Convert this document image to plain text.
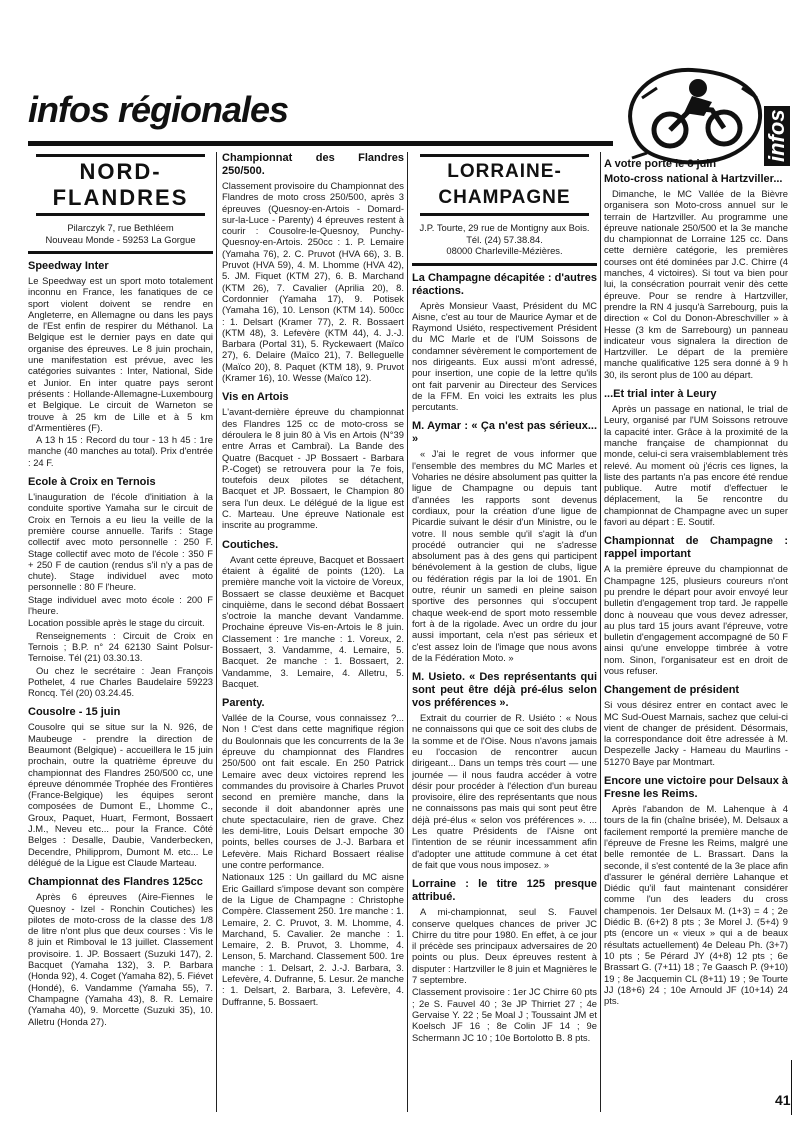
infos régionales	infos
NORD-FLANDRES
Pilarczyk 7, rue Bethléem
Nouveau Monde - 59253 La Gorgue
Speedway Inter

Le Speedway est un sport moto totalement inconnu en France, les fanatiques de ce sport violent doivent se rendre en Angleterre, en Allemagne ou dans les pays de l'Est enfin de respirer du Méthanol. La Belgique est le dernier pays en date qui organise des épreuves. Le 8 juin prochain, une manifestation est prévue, avec les catégories suivantes : Inter, National, Side et Junior. En inter quatre pays seront présents : Hollande-Allemagne-Luxembourg et Belgique. Le circuit de Warneton se trouve à 25 km de Lille et à 5 km d'Armentières (F).

A 13 h 15 : Record du tour - 13 h 45 : 1re manche (40 manches au total). Prix d'entrée : 24 F.

Ecole à Croix en Ternois

L'inauguration de l'école d'initiation à la conduite sportive Yamaha sur le circuit de Croix en Ternois a eu lieu la veille de la première course annuelle. Tarifs : Stage collectif avec moto personnelle : 250 F. Stage collectif avec moto de l'école : 350 F + 250 F de caution (rendus s'il n'y a pas de chute). Stage individuel avec moto personnelle : 80 F l'heure.

Stage individuel avec moto école : 200 F l'heure.

Location possible après le stage du circuit.

Renseignements : Circuit de Croix en Ternois ; B.P. n° 24 62130 Saint Polsur-Ternoise. Tél (21) 03.30.13.

Ou chez le secrétaire : Jean François Pothelet, 4 rue Charles Baudelaire 59223 Roncq. Tél (20) 03.24.45.

Cousolre - 15 juin

Cousolre qui se situe sur la N. 926, de Maubeuge - prendre la direction de Beaumont (Belgique) - accueillera le 15 juin prochain, outre la quatrième épreuve du championnat des Flandres 250/500 cc, une épreuve dénommée Trophée des Frontières (France-Belgique) les équipes seront composées de Dumont E., Lhomme C., Groux, Paquet, Huart, Fermont, Bossaert J.M., Neveu etc... pour la France. Côté Belges : Desalle, Daubie, Vanderbecken, Decendre, Philipprom, Dumont M. etc... Le délégué de la Ligue est Claude Marteau.

Championnat des Flandres 125cc

Après 6 épreuves (Aire-Fiennes le Quesnoy - Izel - Ronchin Coutiches) les pilotes de moto-cross de la classe des 1/8 de litre n'ont plus que deux courses : Vis le 8 juin et Rimboval le 13 juillet. Classement provisoire. 1. JP. Bossaert (Suzuki 147), 2. Bacquet (Yamaha 132), 3. P. Barbara (Honda 92), 4. Coget (Yamaha 82), 5. Fiévet (Hondé), 6. Vandamme (Yamaha 55), 7. Champagne (Yamaha 43), 8. R. Lemaire (Yamaha 40), 9. Morcette (Suzuki 35), 10. Alletru (Honda 27).

Championnat des Flandres 250/500.

Classement provisoire du Championnat des Flandres de moto cross 250/500, après 3 épreuves (Quesnoy-en-Artois - Domard-sur-la-Luce - Parenty) 4 épreuves restent à courir : Cousolre-le-Quesnoy, Punchy-Quesnoy-en-Artois. 250cc : 1. P. Lemaire (Yamaha 76), 2. C. Pruvot (HVA 66), 3. B. Pruvot (HVA 59), 4. M. Lhomme (HVA 42), 5. JM. Fiquet (KTM 27), 6. B. Marchand (KTM 26), 7. Cavalier (Aprilia 20), 8. Cordonnier (Yamaha 17), 9. Potisek (Yamaha 16), 10. Lenson (KTM 14). 500cc : 1. Delsart (Kramer 77), 2. R. Bossaert (KTM 48), 3. Lefevère (KTM 44), 4. J.-J. Barbara (Portal 31), 5. Ryckewaert (Maïco 27), 6. Delaire (Maïco 21), 7. Belleguelle (Maïco 20), 8. Paquet (KTM 18), 9. Pruvot (Kramer 16), 10. Wesse (Maïco 12).

Vis en Artois

L'avant-dernière épreuve du championnat des Flandres 125 cc de moto-cross se déroulera le 8 juin 80 à Vis en Artois (N°39 entre Arras et Cambrai). La Bande des Quatre (Bacquet - JP Bossaert - Barbara P.-Coget) se retrouvera pour la 7e fois, toutefois deux pilotes se détachent, Bacquet et JP. Bossaert, le Champion 80 sera l'un deux. Le délégué de la ligue est C. Marteau. Une épreuve Nationale est inscrite au programme.

Coutiches.

Avant cette épreuve, Bacquet et Bossaert étaient à égalité de points (120). La première manche voit la victoire de Voreux, Bossaert se classe deuxième et Bacquet cinquième, dans le second débat Bossaert s'octroie la manche devant Vandamme. Prochaine épreuve Vis-en-Artois le 8 juin. Classement : 1re manche : 1. Voreux, 2. Bossaert, 3. Vandamme, 4. Lemaire, 5. Bacquet. 2e manche : 1. Bossaert, 2. Vandamme, 3. Lemaire, 4. Alletru, 5. Bacquet.

Parenty.

Vallée de la Course, vous connaissez ?... Non ! C'est dans cette magnifique région du Boulonnais que les concurrents de la 3e épreuve du championnat des Flandres 250/500 ont fait escale. En 250 Patrick Lemaire avec deux victoires reprend les commandes du provisoire à Charles Pruvot second en première manche, dans la seconde il doit abandonner après une chute spectaculaire, rien de grave. Chez les demi-litre, Louis Delsart empoche 30 points, belles courses de J.-J. Barbara et Lefevère. Mais Richard Bossaert réalise une contre performance.

Nationaux 125 : Un gaillard du MC aisne Eric Gaillard s'impose devant son compère de la Ligue de Champagne : Christophe Compère. Classement 250. 1re manche : 1. Lemaire, 2. C. Pruvot, 3. M. Lhomme, 4. Marchand, 5. Cavalier. 2e manche : 1. Lemaire, 2. B. Pruvot, 3. Lhomme, 4. Lenson, 5. Marchand. Classement 500. 1re manche : 1. Delsart, 2. J.-J. Barbara, 3. Lefevère, 4. Dufranne, 5. Lesur. 2e manche : 1. Delsart, 2. Barbara, 3. Lefevère, 4. Duffranne, 5. Bossaert.

LORRAINE-CHAMPAGNE
J.P. Tourte, 29 rue de Montigny aux Bois.
Tél. (24) 57.38.84.
08000 Charleville-Mézières.
La Champagne décapitée : d'autres réactions.

Après Monsieur Vaast, Président du MC Aisne, c'est au tour de Maurice Aymar et de Raymond Usiéto, respectivement Président du MC Marle et de l'UM Soissons de condamner sévèrement le comportement de nos dirigeants. Eux aussi m'ont adressé, pour insertion, une copie de la lettre qu'ils ont fait parvenir au Directeur des Services de la FFM. En voici les extraits les plus percutants.

M. Aymar : « Ça n'est pas sérieux... »

« J'ai le regret de vous informer que l'ensemble des membres du MC Marles et Voharies ne désire absolument pas quitter la ligue de Champagne ou depuis tant d'années les rapports sont devenus cordiaux, pour la création d'une ligue de Picardie suivant le désir d'un Ministre, ou le votre. Il nous semble qu'il s'agit là d'un procédé outrancier qui ne s'adresse absolument pas à des gens qui participent bénévolement à la gestion de clubs, ligue ou fédération régis par la loi de 1901. En outre, réunir un samedi en pleine saison sportive des personnes qui s'occupent chaque week-end de sport moto ressemble fort à de la rigolade. Avec un ordre du jour aussi important, cela n'est pas sérieux et c'est assez loin de l'image que nous avons de la Fédération Moto. »

M. Usieto. « Des représentants qui sont peut être déjà pré-élus selon vos préférences ».

Extrait du courrier de R. Usiéto : « Nous ne connaissons qui que ce soit des clubs de la somme et de l'Oise. Nous n'avons jamais eu l'occasion de rencontrer aucun dirigeant... Dans un temps très court — une journée — il nous faudra accéder à votre désir pour procéder à l'élection d'un bureau provisoire, élire des représentants que nous ne connaissons pas mais qui sont peut être déjà pré-élus « selon vos préférences ». ... Les quatre Présidents de l'Aisne ont l'intention de se réunir incessamment afin d'adopter une attitude commune à cet état de fait que vous nous imposez. »

Lorraine : le titre 125 presque attribué.

A mi-championnat, seul S. Fauvel conserve quelques chances de priver JC Chirre du titre pour 1980. En effet, à ce jour il précède ses principaux adversaires de 20 points ou plus. Deux épreuves restent à disputer : Hartzviller le 8 juin et Magnières le 7 septembre.

Classement provisoire : 1er JC Chirre 60 pts ; 2e S. Fauvel 40 ; 3e JP Thirriet 27 ; 4e Gervaise Y. 22 ; 5e Moal J ; Toussaint JM et Koelsch JF 16 ; 8e Colin JF 14 ; 9e Schermann JC 10 ; 10e Bortolotto B. 8 pts.

A votre porte le 8 juin
Moto-cross national à Hartzviller...

Dimanche, le MC Vallée de la Bièvre organisera son Moto-cross annuel sur le terrain de Hartzviller. Au programme une épreuve nationale 250/500 et la 3e manche du championnat de Lorraine 125 cc. Dans cette dernière catégorie, les premières courses ont été dominées par J.C. Chirre (4 manches, 4 victoires). Si tout va bien pour lui, la consécration pourrait venir dès cette épreuve. Pour se rendre à Hartzviller, prendre la RN 4 jusqu'à Sarrebourg, puis la direction « Col du Donon-Abreschviller » à Hesse (3 km de Sarrebourg) un panneau indicateur vous signalera la direction de Hartzviller. Le départ de la première manche qualificative 125 sera donné à 9 h 30, ils seront plus de 100 au départ.

...Et trial inter à Leury

Après un passage en national, le trial de Leury, organisé par l'UM Soissons retrouve la capacité inter. Grâce à la proximité de la manche française de championnat du monde, celui-ci sera vraisemblablement très relevé. Au moment où j'écris ces lignes, la liste des partants n'a pas encore été rendue publique. Autre motif d'effectuer le déplacement, la 5e rencontre du championnat de Champagne avec un super favori au départ : E. Soutif.

Championnat de Champagne : rappel important

A la première épreuve du championnat de Champagne 125, plusieurs coureurs n'ont pu prendre le départ pour avoir envoyé leur bulletin d'engagement trop tard. Je rappelle donc à nouveau que vous devez adresser, au plus tard 15 jours avant l'épreuve, votre bulletin d'engagement accompagné de 50 F ainsi qu'une enveloppe timbrée à votre nom. Sinon, l'organisateur est en droit de vous refuser.

Changement de président

Si vous désirez entrer en contact avec le MC Sud-Ouest Marnais, sachez que celui-ci vient de changer de président. Désormais, la correspondance doit être adressée à M. Despezelle Jacky - Hameau du Maurlins - 51270 Baye par Montmart.

Encore une victoire pour Delsaux à Fresne les Reims.

Après l'abandon de M. Lahenque à 4 tours de la fin (chaîne brisée), M. Delsaux a facilement remporté la première manche de l'épreuve de Fresne les Reims, malgré une belle remontée de L. Brassart. Dans la seconde, il s'est contenté de la 3e place afin d'assurer le général derrière Lahanque et Diédic qu'il faut maintenant considérer comme l'un des leaders du cross champenois. 1er Delsaux M. (1+3) = 4 ; 2e Diédic B. (6+2) 8 pts ; 3e Morel J. (5+4) 9 pts (encore un « vieux » qui a de beaux résultats actuellement) 4e Deleau Ph. (3+7) 10 pts ; 5e Pérard JY (4+8) 12 pts ; 6e Brassart G. (7+11) 18 ; 7e Gaasch P. (9+10) 19 ; 8e Jacquemin CL (8+11) 19 ; 9e Tourte JJ (18+6) 24 ; 10e Arnould JF (10+14) 24 pts.

41
